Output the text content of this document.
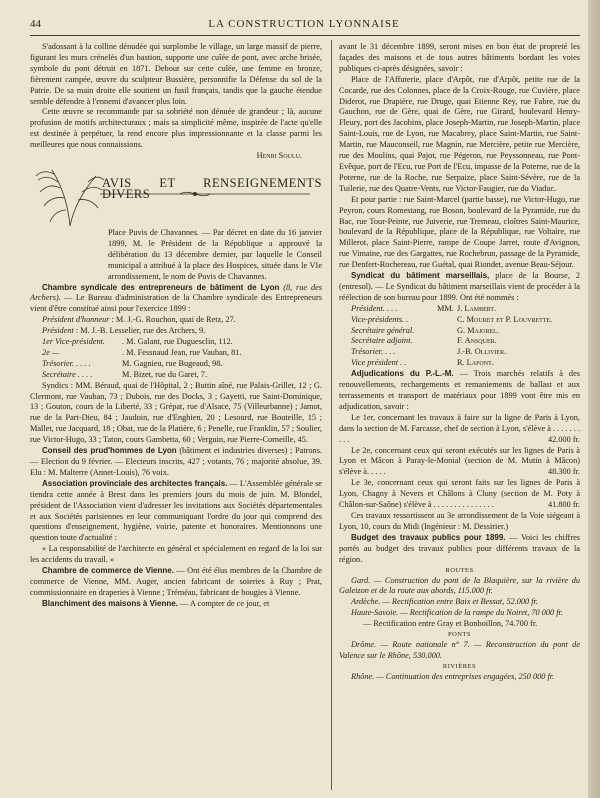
44	LA CONSTRUCTION LYONNAISE

S'adossant à la colline dénudée qui surplombe le village, un large massif de pierre, figurant les murs crénelés d'un bastion, supporte une cuîée de pont, avec arche brisée, symbole du pont détruit en 1871. Debout sur cette culée, une femme en bronze, fièrement campée, œuvre du sculpteur Bussière, personnifie la Défense du sol de la Patrie. De sa main droite elle soutient un fusil français, tandis que la gauche étendue semble défendre à l'ennemi d'avancer plus loin.

Cette œuvre se recommande par sa sobriété non dénuée de grandeur ; là, aucune profusion de motifs architecturaux ; mais sa simplicité même, inspirée de l'acte qu'elle est destinée à perpétuer, la rend encore plus impressionnante et la classe parmi les meilleures que nous connaissions.

Henri Soulu.

AVIS ET RENSEIGNEMENTS DIVERS

Place Puvis de Chavannes. — Par décret en date du 16 janvier 1899, M. le Président de la République a approuvé la délibération du 13 décembre dernier, par laquelle le Conseil municipal a attribué à la place des Hospices, située dans le VIe arrondissement, le nom de Puvis de Chavannes.

Chambre syndicale des entrepreneurs de bâtiment de Lyon (8, rue des Archers). — Le Bureau d'administration de la Chambre syndicale des Entrepreneurs vient d'être constitué ainsi pour l'exercice 1899 :

Président d'honneur : M. J.-G. Rouchon, quai de Retz, 27.

Président : M. J.-B. Lesselier, rue des Archers, 9.

1er Vice-président.	. M. Galant, rue Duguesclin, 112.
2e —	. M. Fessnaud Jean, rue Vauban, 81.
Trésorier. . . . .	M. Gagnieu, rue Bugeaud, 98.
Secrétaire . . . .	M. Bizet, rue du Garet, 7.

Syndics : MM. Béraud, quai de l'Hôpital, 2 ; Buttin aîné, rue Palais-Grillet, 12 ; G. Clermont, rue Vauban, 73 ; Dubois, rue des Docks, 3 ; Gayetti, rue Saint-Dominique, 13 ; Gouton, cours de la Liberté, 33 ; Grépat, rue d'Alsace, 75 (Villeurbanne) ; Jamot, rue de la Part-Dieu, 84 ; Jaudoin, rue d'Enghien, 20 ; Lesourd, rue Bouteille, 15 ; Mallet, rue Jacquard, 18 ; Obat, rue de la Platière, 6 ; Penelle, rue Franklin, 57 ; Soulier, rue Victor-Hugo, 33 ; Taton, cours Gambetta, 60 ; Verguin, rue Pierre-Corneille, 45.

Conseil des prud'hommes de Lyon (bâtiment et industries diverses) ; Patrons. — Election du 9 février. — Electeurs inscrits, 427 ; votants, 76 ; majorité absolue, 39. Elu : M. Malterre (Annet-Louis), 76 voix.

Association provinciale des architectes français. — L'Assemblée générale se tiendra cette année à Brest dans les premiers jours du mois de juin. M. Blondel, président de l'Association vient d'adresser les invitations aux Sociétés départementales et aux Sociétés parisiennes en leur communiquant l'ordre du jour qui comprend des questions d'enseignement, hygiène, voirie, patente et honoraires. Mentionnons une question toute d'actualité :

« La responsabilité de l'architecte en général et spécialement en regard de la loi sur les accidents du travail. »

Chambre de commerce de Vienne. — Ont été élus membres de la Chambre de commerce de Vienne, MM. Auger, ancien fabricant de soieries à Ruy ; Prat, commissionnaire en draperies à Vienne ; Tréméau, fabricant de bougies à Vienne.

Blanchiment des maisons à Vienne. — A compter de ce jour, et

avant le 31 décembre 1899, seront mises en bon état de propreté les façades des maisons et de tous autres bâtiments bordant les voies publiques ci-après désignées, savoir :

Place de l'Affuterie, place d'Arpôt, rue d'Arpôt, petite rue de la Cocarde, rue des Colonnes, place de la Croix-Rouge, rue Cuvière, place Diderot, rue Drapière, rue Druge, quai Etienne Rey, rue Fabre, rue du Gauchon, rue de Gère, quai de Gère, rue Girard, boulevard Henry-Fleury, port des Jacobins, place Joseph-Martin, rue Joseph-Martin, place Saint-Louis, rue de Lyon, rue Macabrey, place Saint-Martin, rue Saint-Martin, rue Mauconseil, rue Magnin, rue Mercière, petite rue Mercière, rue des Moulins, quai Pajot, rue Pégeron, rue Peyssonneau, rue Pont-Evêque, port de l'Ecu, rue Port de l'Ecu, impasse de la Poterne, rue de la Poterne, rue de la Roche, rue Serpaize, place Saint-Sévère, rue de la Tuilerie, rue des Quatre-Vents, rue Victor-Faugier, rue du Viaduc.

Et pour partie : rue Saint-Marcel (partie basse), rue Victor-Hugo, rue Peyron, cours Romestang, rue Boson, boulevard de la Pyramide, rue du Bac, rue Tour-Peinte, rue Juiverie, rue Tremeau, cloîtres Saint-Maurice, boulevard de la République, place de la République, rue Voltaire, rue Millerot, place Saint-Pierre, rampe de Coupe Jarret, route d'Avignon, rue Vimaine, rue des Gargattes, rue Rochebrun, passage de la Pyramide, rue Denfert-Rochereau, rue Guétal, quai Riondet, avenue Beau-Séjour.

Syndicat du bâtiment marseillais, place de la Bourse, 2 (entresol). — Le Syndicat du bâtiment marseillais vient de procéder à la réélection de son bureau pour 1899. Ont été nommés :

Président. . . .	MM. J. Lambert.
Vice-présidents. .	C. Mouret et P. Louvrette.
Secrétaire général.	G. Majorel.
Secrétaire adjoint.	F. Ansquer.
Trésorier. . . .	J.-B. Ollivier.
Vice président . .	R. Lafont.

Adjudications du P.-L.-M. — Trois marchés relatifs à des renouvellements, rechargements et remaniements de ballast et aux terrassements et transport de matériaux pour 1899 vont être mis en adjudication, savoir :

Le 1er, concernant les travaux à faire sur la ligne de Paris à Lyon, dans la section de M. Farcasse, chef de section à Lyon, s'élève à . . . . . . . . . .	42.000 fr.

Le 2e, concernant ceux qui seront exécutés sur les lignes de Paris à Lyon et Mâcon à Paray-le-Monial (section de M. Mutin à Mâcon) s'élève à. . . . .	48.300 fr.

Le 3e, concernant ceux qui seront faits sur les lignes de Paris à Lyon, Chagny à Nevers et Châlons à Cluny (section de M. Poty à Châlon-sur-Saône) s'élève à . . . . . . . . . . . . . . .	41.800 fr.

Ces travaux ressortissent au 3e arrondissement de la Voie siégeant à Lyon, 10, cours du Midi (Ingénieur : M. Dessirier.)

Budget des travaux publics pour 1899. — Voici les chiffres portés au budget des travaux publics pour différents travaux de la région.

ROUTES

Gard. — Construction du pont de la Blaquière, sur la rivière du Galeizon et de la route aux abords, 115.000 fr.

Ardèche. — Rectification entre Baix et Bessat, 52.000 fr.

Haute-Savoie. — Rectification de la rampe du Noiret, 70 000 fr.

— Rectification entre Gray et Bonboillon, 74.700 fr.

PONTS

Drôme. — Route nationale n° 7. — Reconstruction du pont de Valence sur le Rhône, 530.000.

RIVIÈRES

Rhône. — Continuation des entreprises engagées, 250 000 fr.
